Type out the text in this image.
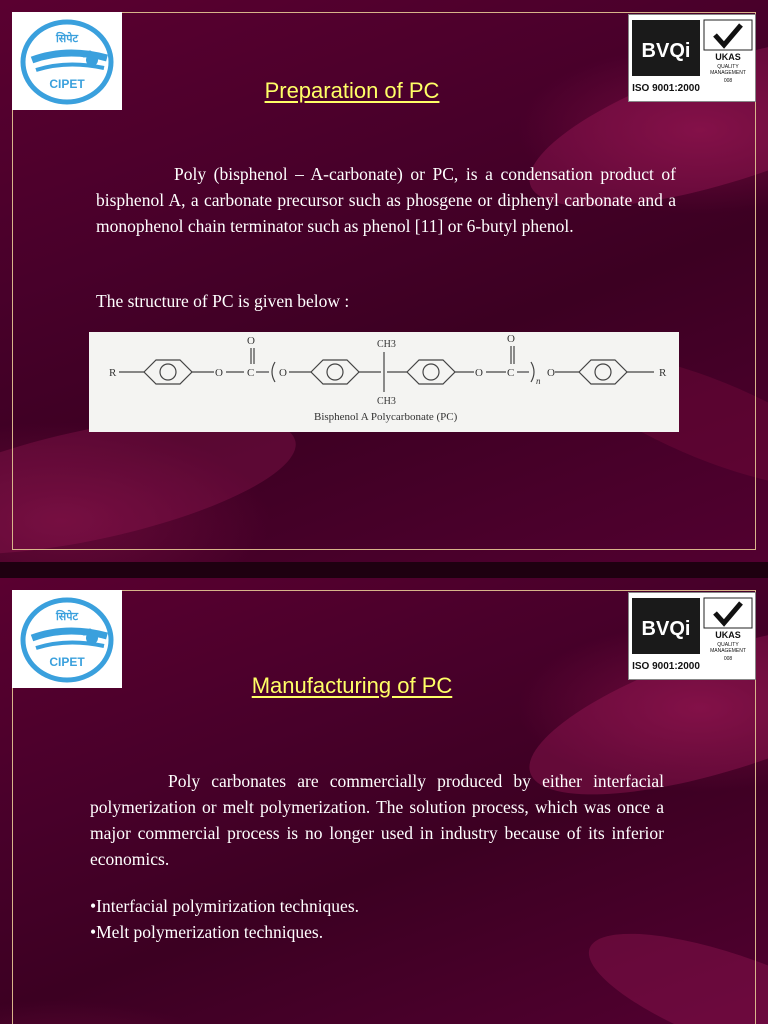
सिपेट
CIPET
BVQi	UKAS
QUALITY
MANAGEMENT
008
ISO 9001:2000
Preparation of PC
Poly (bisphenol – A-carbonate) or PC, is a condensation product of bisphenol A, a carbonate precursor such as phosgene or diphenyl carbonate and a monophenol chain terminator such as phenol [11] or 6-butyl phenol.
The structure of PC is given below :
R	O
O
C O
CH3
CH3
O
O
C
n
O	R
Bisphenol A Polycarbonate (PC)
सिपेट
CIPET
BVQi	UKAS
QUALITY
MANAGEMENT
008
ISO 9001:2000
Manufacturing of PC
Poly carbonates are commercially produced by either interfacial polymerization or melt polymerization. The solution process, which was once a major commercial process is no longer used in industry because of its inferior economics.
•Interfacial polymirization techniques.
•Melt polymerization techniques.
